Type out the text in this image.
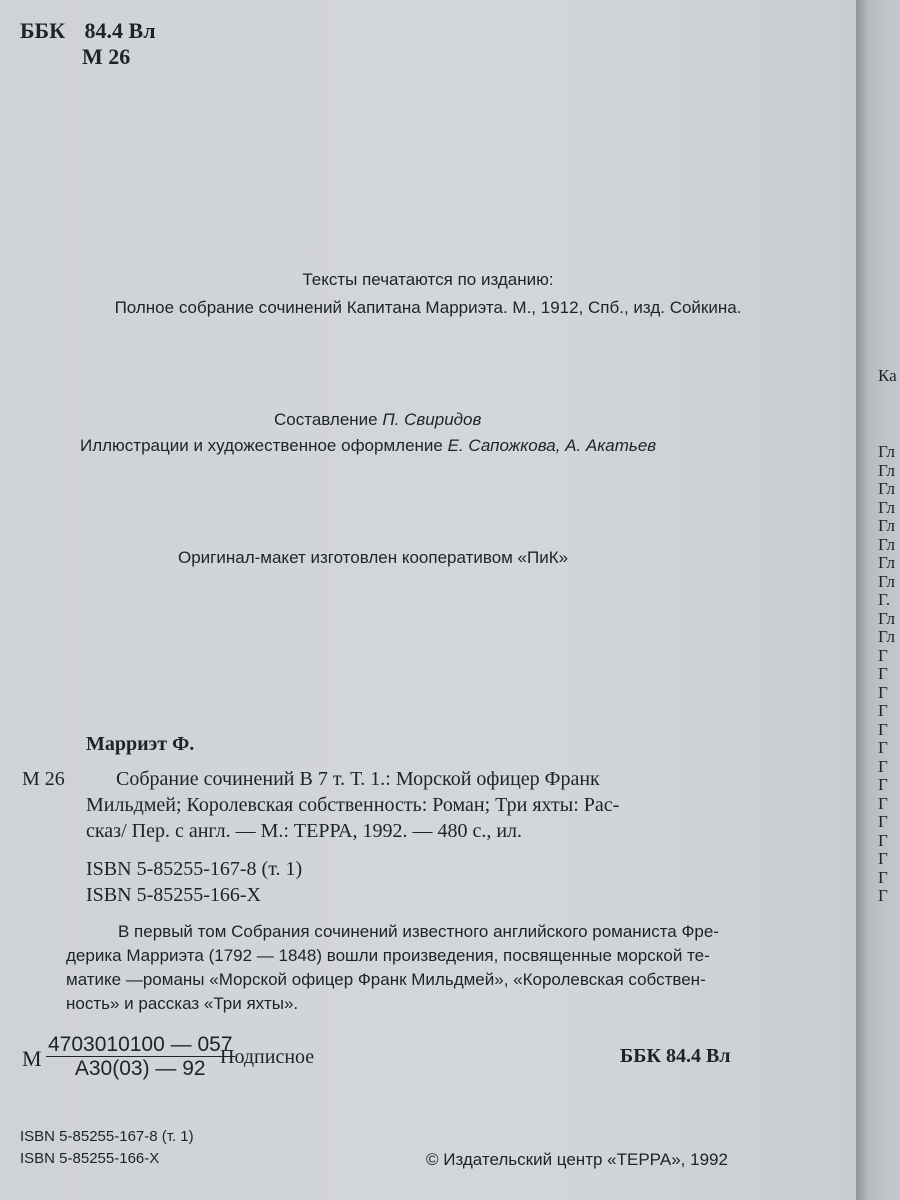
ББК 84.4 Вл
М 26
Тексты печатаются по изданию:
Полное собрание сочинений Капитана Марриэта. М., 1912, Спб., изд. Сойкина.
Составление П. Свиридов
Иллюстрации и художественное оформление Е. Сапожкова, А. Акатьев
Оригинал-макет изготовлен кооперативом «ПиК»
Марриэт Ф.
М 26	Собрание сочинений В 7 т. Т. 1.: Морской офицер Франк
Мильдмей; Королевская собственность: Роман; Три яхты: Рас-
сказ/ Пер. с англ. — М.: ТЕРРА, 1992. — 480 с., ил.
ISBN 5-85255-167-8 (т. 1)
ISBN 5-85255-166-X
В первый том Собрания сочинений известного английского романиста Фре-
дерика Марриэта (1792 — 1848) вошли произведения, посвященные морской те-
матике —романы «Морской офицер Франк Мильдмей», «Королевская собствен-
ность» и рассказ «Три яхты».
М
4703010100 — 057
А30(03) — 92 Подписное	ББК 84.4 Вл
ISBN 5-85255-167-8 (т. 1)
ISBN 5-85255-166-X	© Издательский центр «ТЕРРА», 1992
Ка
Гл
Гл
Гл
Гл
Гл
Гл
Гл
Гл
Г.
Гл
Гл
Г
Г
Г
Г
Г
Г
Г
Г
Г
Г
Г
Г
Г
Г
